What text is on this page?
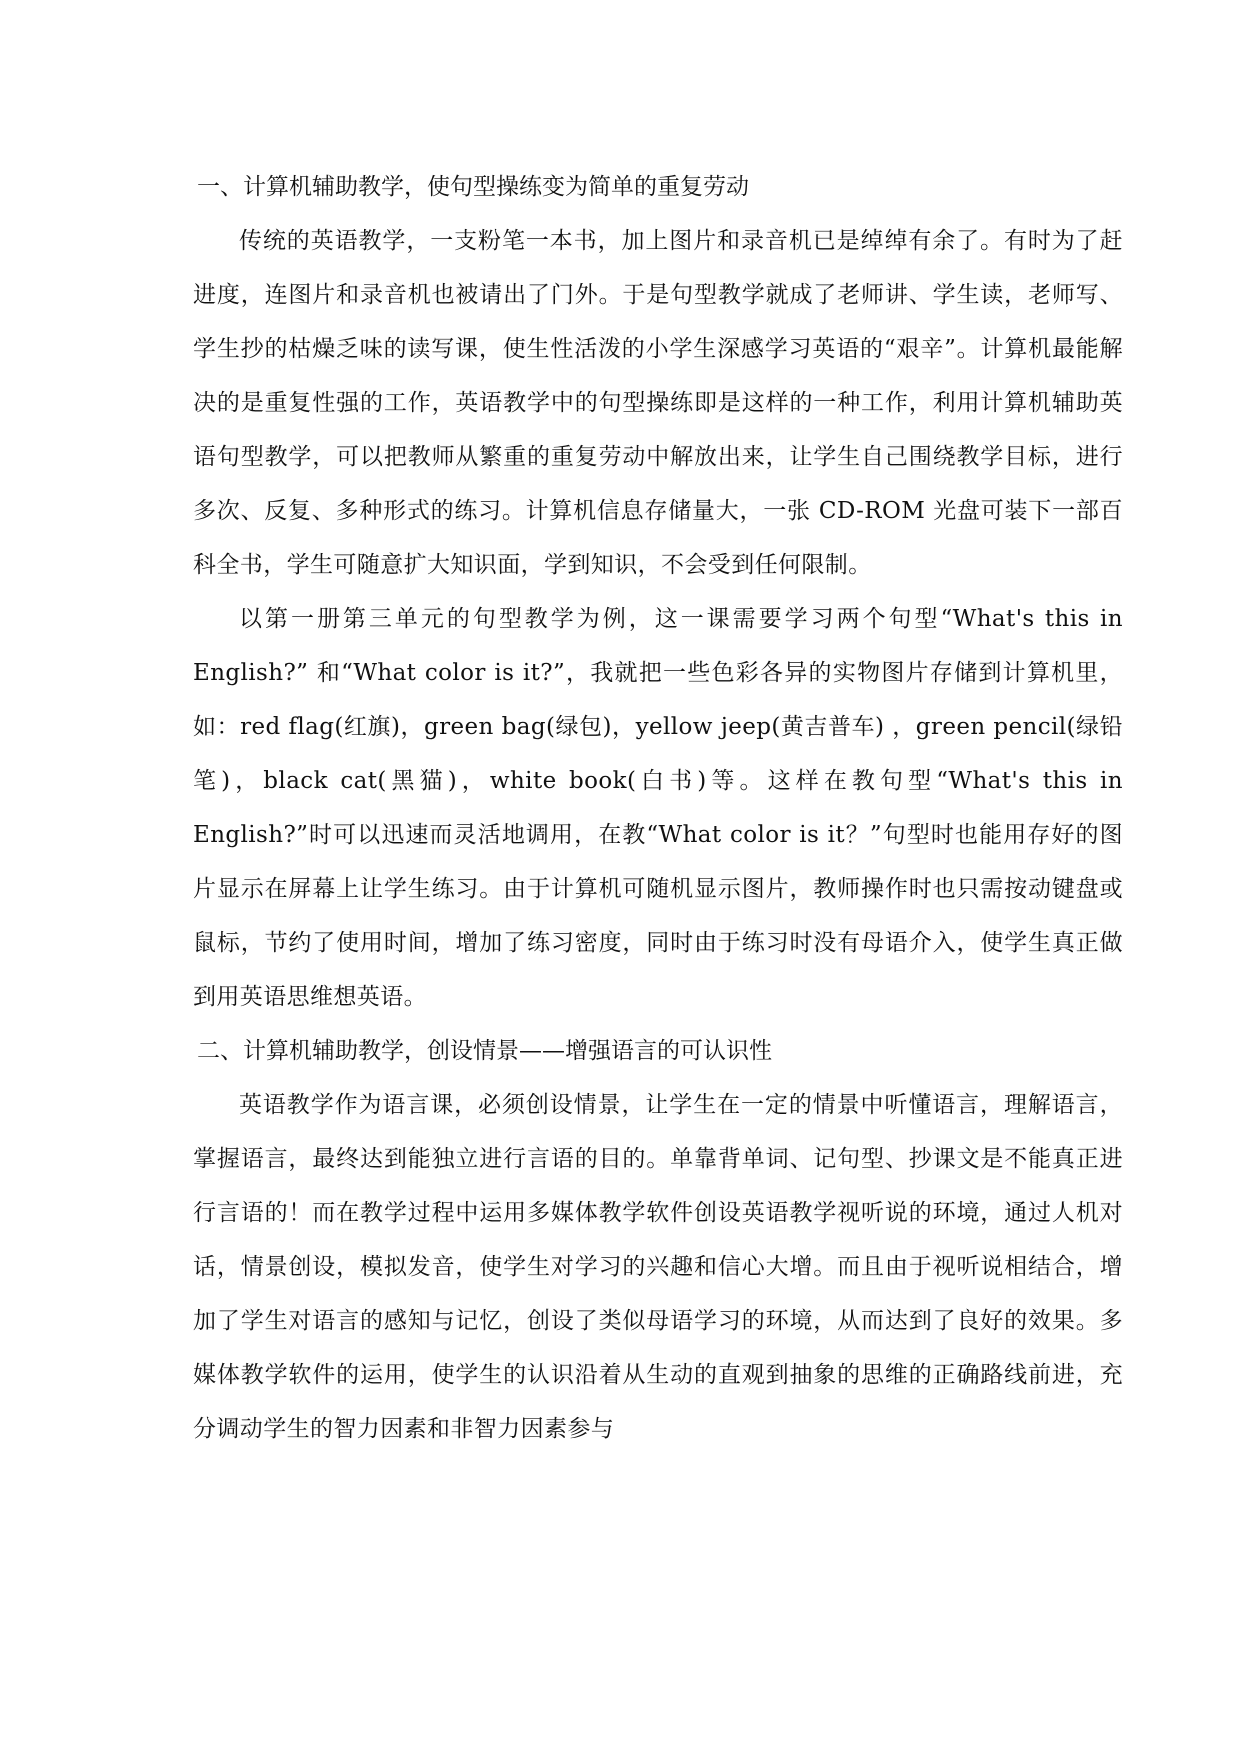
一、计算机辅助教学，使句型操练变为简单的重复劳动

传统的英语教学，一支粉笔一本书，加上图片和录音机已是绰绰有余了。有时为了赶进度，连图片和录音机也被请出了门外。于是句型教学就成了老师讲、学生读，老师写、学生抄的枯燥乏味的读写课，使生性活泼的小学生深感学习英语的“艰辛”。计算机最能解决的是重复性强的工作，英语教学中的句型操练即是这样的一种工作，利用计算机辅助英语句型教学，可以把教师从繁重的重复劳动中解放出来，让学生自己围绕教学目标，进行多次、反复、多种形式的练习。计算机信息存储量大，一张 CD-ROM 光盘可装下一部百科全书，学生可随意扩大知识面，学到知识，不会受到任何限制。

以第一册第三单元的句型教学为例，这一课需要学习两个句型“What's this in English?” 和“What color is it?”，我就把一些色彩各异的实物图片存储到计算机里， 如：red flag(红旗)，green bag(绿包)，yellow jeep(黄吉普车) ，green pencil(绿铅笔)，black cat(黑猫)，white book(白书)等。这样在教句型“What's this in English?”时可以迅速而灵活地调用，在教“What color is it？”句型时也能用存好的图片显示在屏幕上让学生练习。由于计算机可随机显示图片，教师操作时也只需按动键盘或鼠标，节约了使用时间，增加了练习密度，同时由于练习时没有母语介入，使学生真正做到用英语思维想英语。

二、计算机辅助教学，创设情景——增强语言的可认识性

英语教学作为语言课，必须创设情景，让学生在一定的情景中听懂语言，理解语言，掌握语言，最终达到能独立进行言语的目的。单靠背单词、记句型、抄课文是不能真正进行言语的！而在教学过程中运用多媒体教学软件创设英语教学视听说的环境，通过人机对话，情景创设，模拟发音，使学生对学习的兴趣和信心大增。而且由于视听说相结合，增加了学生对语言的感知与记忆，创设了类似母语学习的环境，从而达到了良好的效果。多媒体教学软件的运用，使学生的认识沿着从生动的直观到抽象的思维的正确路线前进，充分调动学生的智力因素和非智力因素参与
